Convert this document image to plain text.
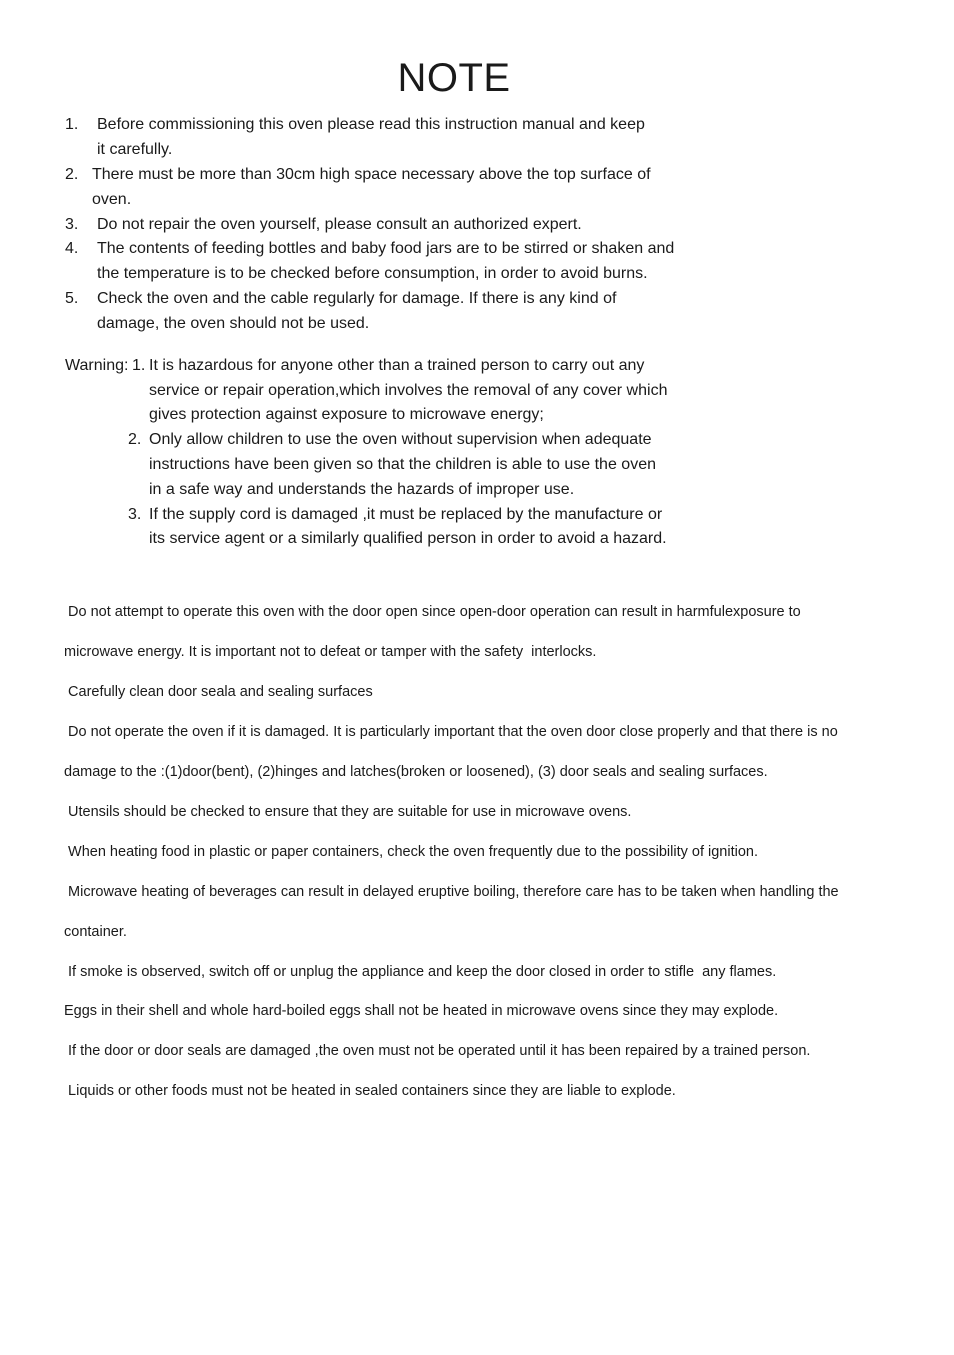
NOTE
1. Before commissioning this oven please read this instruction manual and keep
it carefully.
2. There must be more than 30cm high space necessary above the top surface of
oven.
3. Do not repair the oven yourself, please consult an authorized expert.
4. The contents of feeding bottles and baby food jars are to be stirred or shaken and
the temperature is to be checked before consumption, in order to avoid burns.
5. Check the oven and the cable regularly for damage. If there is any kind of
damage, the oven should not be used.
Warning: 1. It is hazardous for anyone other than a trained person to carry out any
service or repair operation,which involves the removal of any cover which
gives protection against exposure to microwave energy;
2. Only allow children to use the oven without supervision when adequate
instructions have been given so that the children is able to use the oven
in a safe way and understands the hazards of improper use.
3. If the supply cord is damaged ,it must be replaced by the manufacture or
its service agent or a similarly qualified person in order to avoid a hazard.
Do not attempt to operate this oven with the door open since open-door operation can result in harmfulexposure to
microwave energy. It is important not to defeat or tamper with the safety  interlocks.
Carefully clean door seala and sealing surfaces
Do not operate the oven if it is damaged. It is particularly important that the oven door close properly and that there is no
damage to the :(1)door(bent), (2)hinges and latches(broken or loosened), (3) door seals and sealing surfaces.
Utensils should be checked to ensure that they are suitable for use in microwave ovens.
When heating food in plastic or paper containers, check the oven frequently due to the possibility of ignition.
Microwave heating of beverages can result in delayed eruptive boiling, therefore care has to be taken when handling the
container.
If smoke is observed, switch off or unplug the appliance and keep the door closed in order to stifle  any flames.
Eggs in their shell and whole hard-boiled eggs shall not be heated in microwave ovens since they may explode.
If the door or door seals are damaged ,the oven must not be operated until it has been repaired by a trained person.
Liquids or other foods must not be heated in sealed containers since they are liable to explode.
